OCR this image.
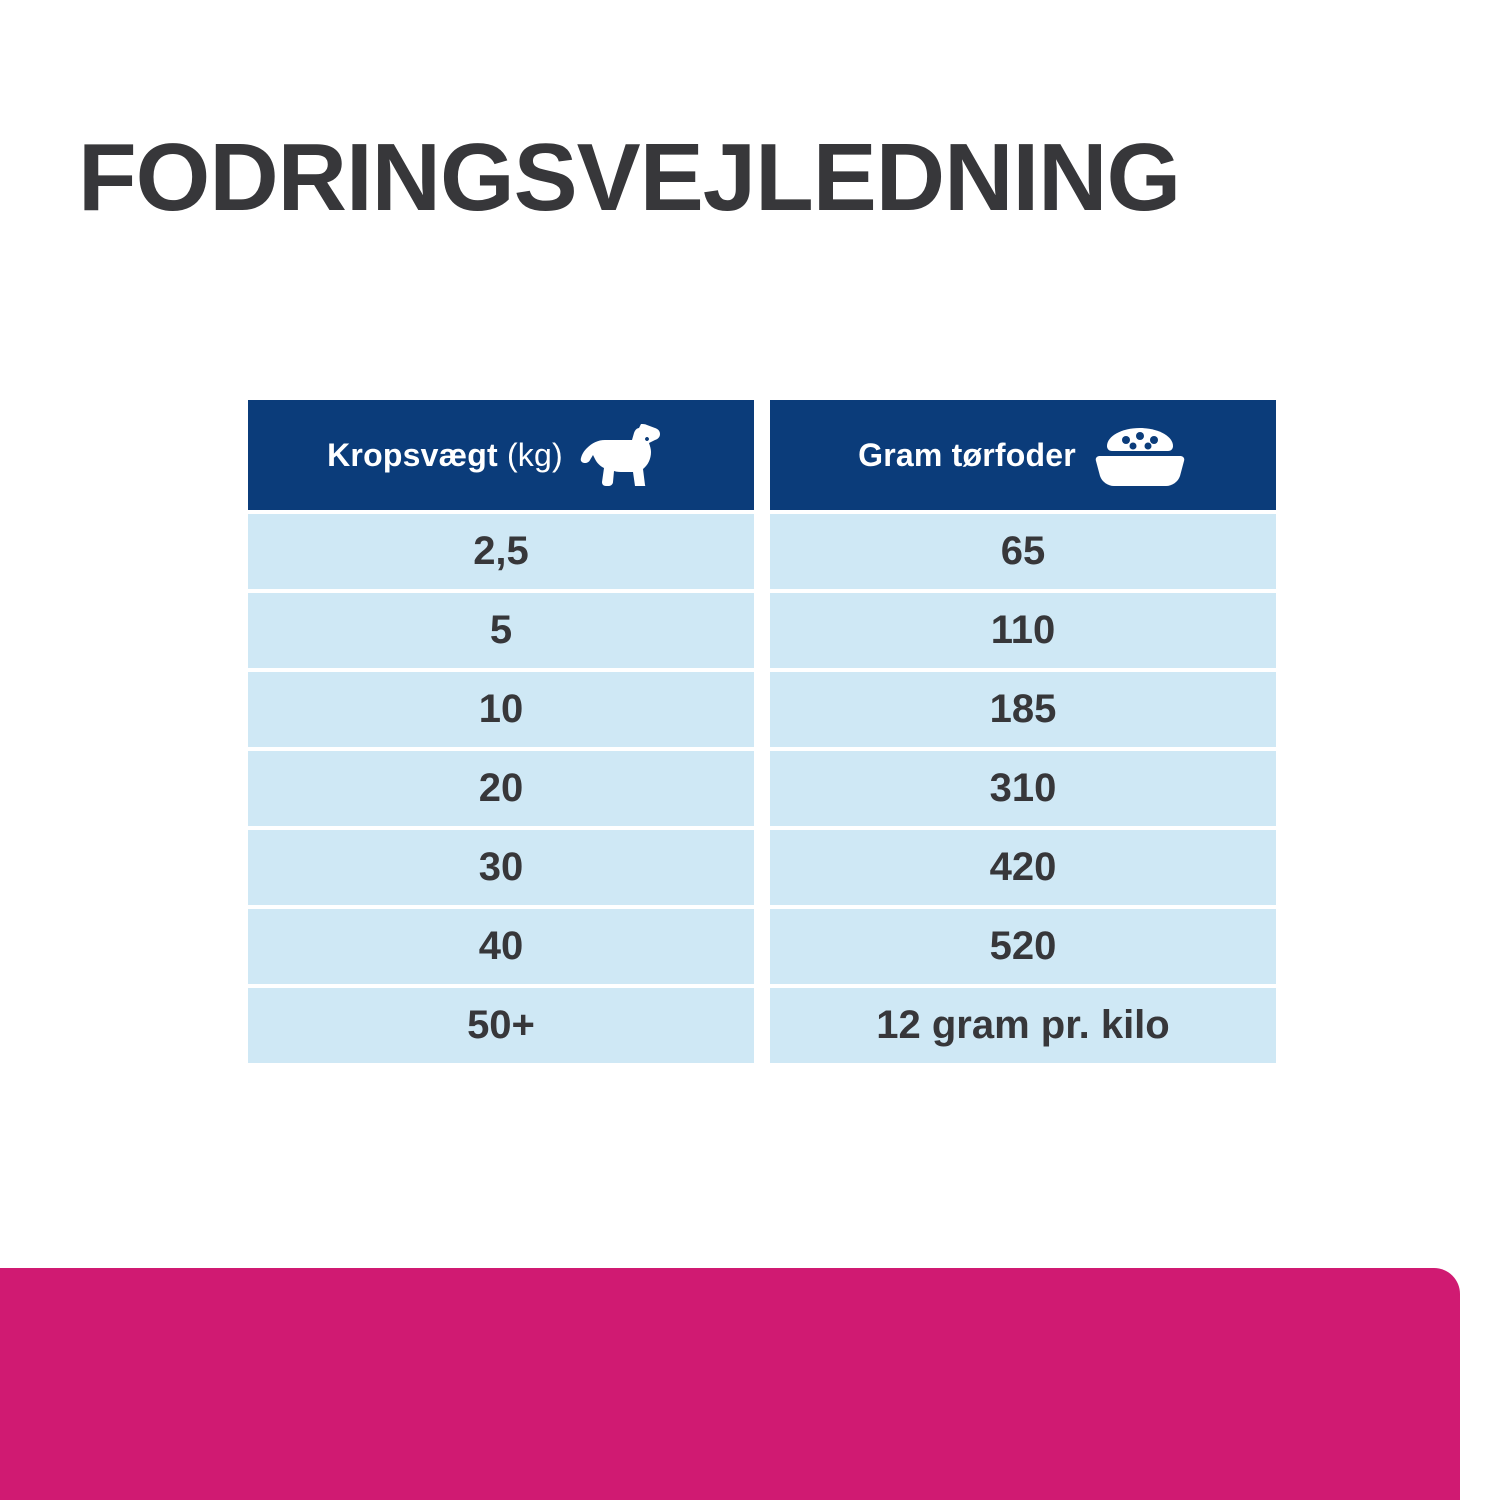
FODRINGSVEJLEDNING
Kropsvægt (kg)	Gram tørfoder
2,5	65
5	110
10	185
20	310
30	420
40	520
50+	12 gram pr. kilo
